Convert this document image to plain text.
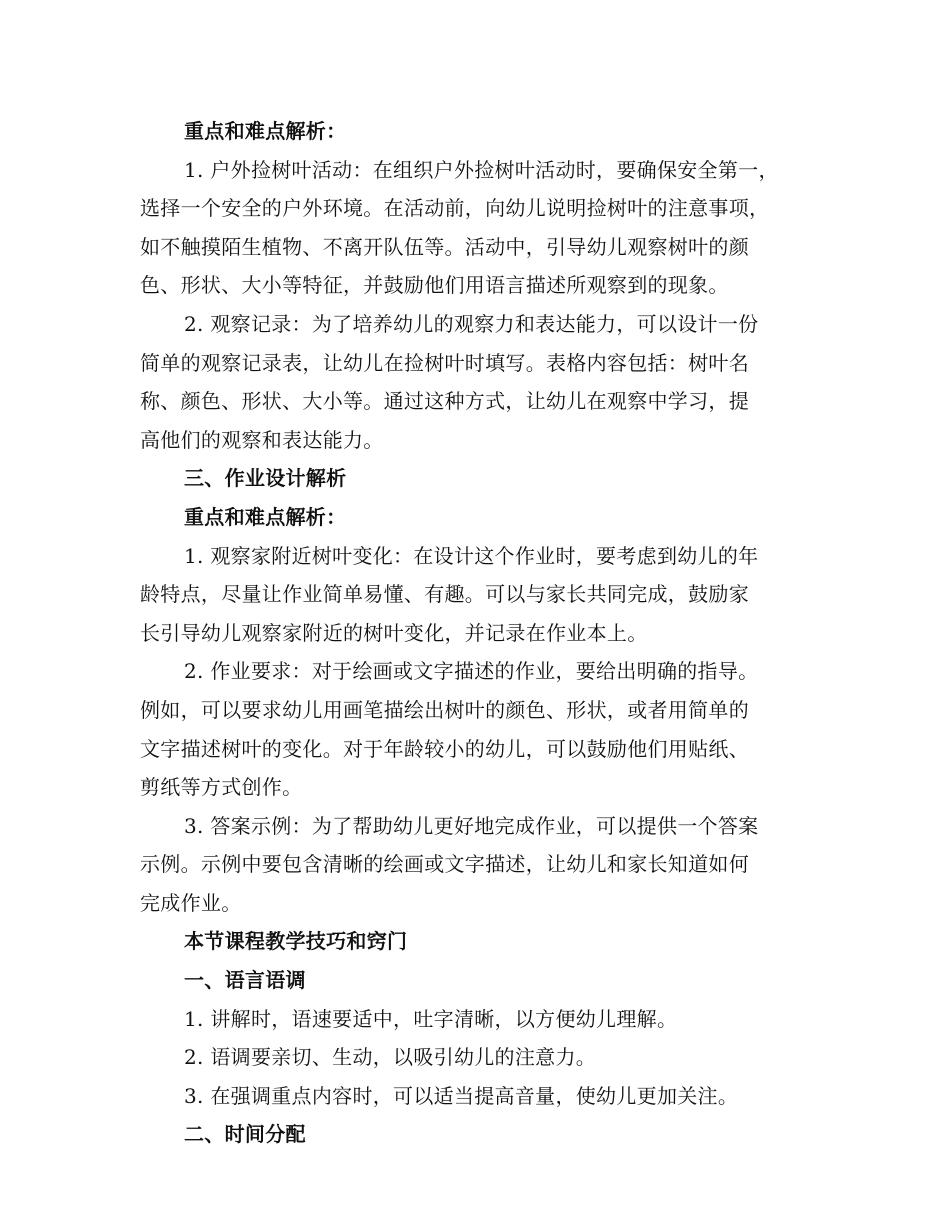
重点和难点解析：
1. 户外捡树叶活动：在组织户外捡树叶活动时，要确保安全第一，
选择一个安全的户外环境。在活动前，向幼儿说明捡树叶的注意事项，
如不触摸陌生植物、不离开队伍等。活动中，引导幼儿观察树叶的颜
色、形状、大小等特征，并鼓励他们用语言描述所观察到的现象。
2. 观察记录：为了培养幼儿的观察力和表达能力，可以设计一份
简单的观察记录表，让幼儿在捡树叶时填写。表格内容包括：树叶名
称、颜色、形状、大小等。通过这种方式，让幼儿在观察中学习，提
高他们的观察和表达能力。
三、作业设计解析
重点和难点解析：
1. 观察家附近树叶变化：在设计这个作业时，要考虑到幼儿的年
龄特点，尽量让作业简单易懂、有趣。可以与家长共同完成，鼓励家
长引导幼儿观察家附近的树叶变化，并记录在作业本上。
2. 作业要求：对于绘画或文字描述的作业，要给出明确的指导。
例如，可以要求幼儿用画笔描绘出树叶的颜色、形状，或者用简单的
文字描述树叶的变化。对于年龄较小的幼儿，可以鼓励他们用贴纸、
剪纸等方式创作。
3. 答案示例：为了帮助幼儿更好地完成作业，可以提供一个答案
示例。示例中要包含清晰的绘画或文字描述，让幼儿和家长知道如何
完成作业。
本节课程教学技巧和窍门
一、语言语调
1. 讲解时，语速要适中，吐字清晰，以方便幼儿理解。
2. 语调要亲切、生动，以吸引幼儿的注意力。
3. 在强调重点内容时，可以适当提高音量，使幼儿更加关注。
二、时间分配
